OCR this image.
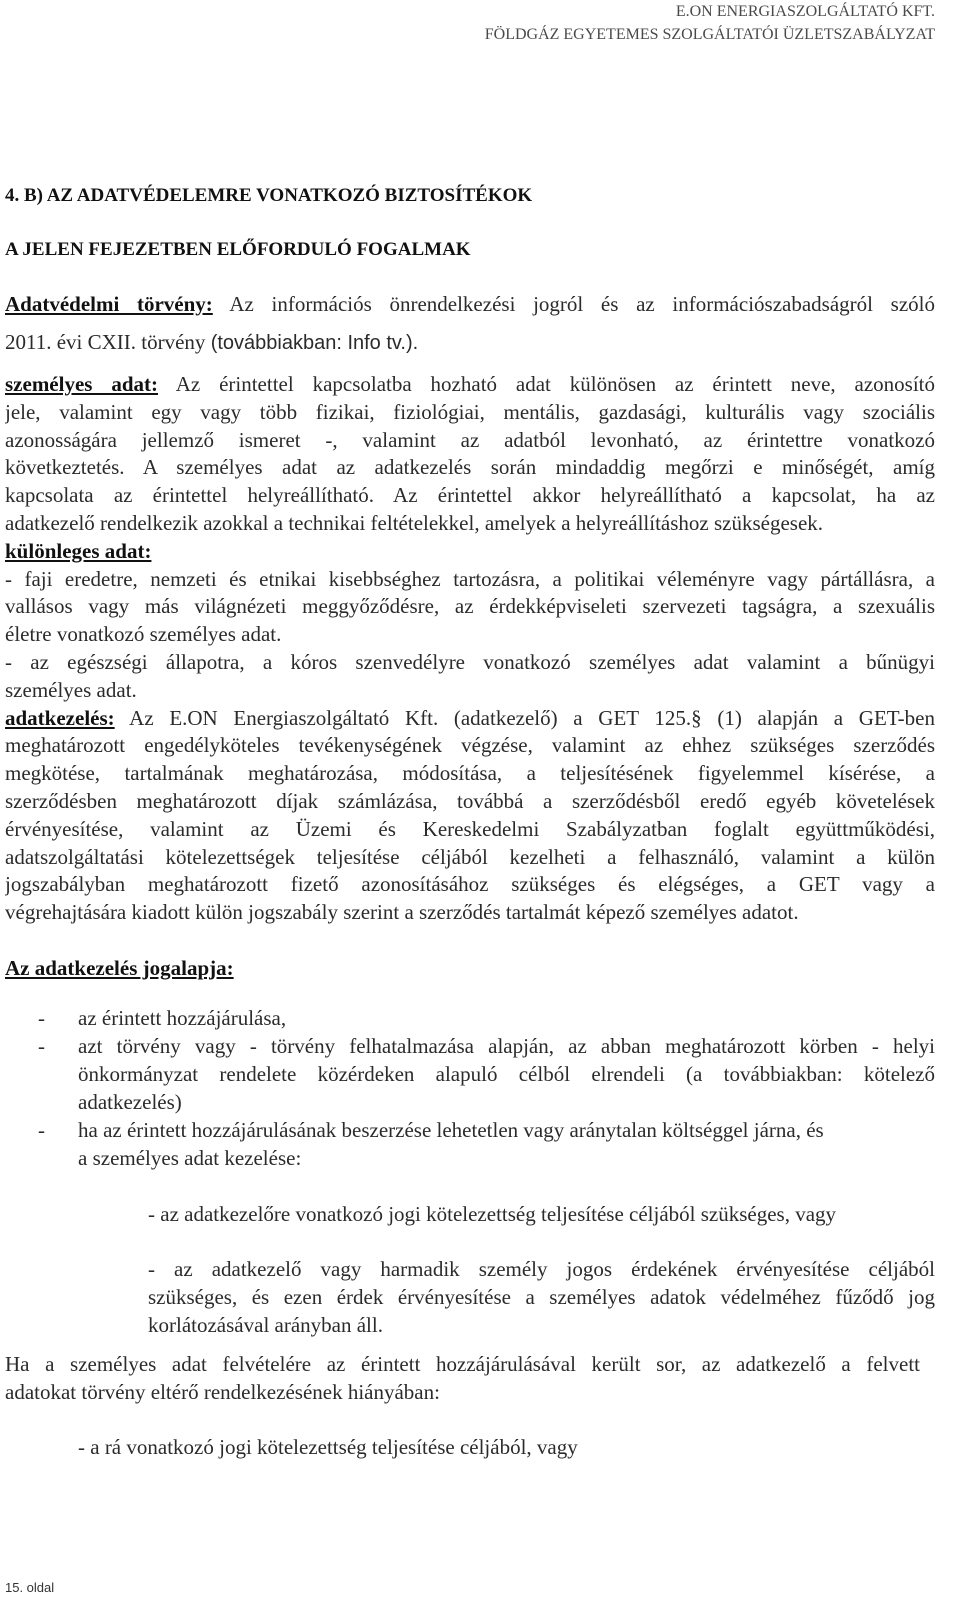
E.ON ENERGIASZOLGÁLTATÓ KFT.
FÖLDGÁZ EGYETEMES SZOLGÁLTATÓI ÜZLETSZABÁLYZAT
4. B) AZ ADATVÉDELEMRE VONATKOZÓ BIZTOSÍTÉKOK
A JELEN FEJEZETBEN ELŐFORDULÓ FOGALMAK
Adatvédelmi törvény: Az információs önrendelkezési jogról és az információszabadságról szóló
2011. évi CXII. törvény (továbbiakban: Info tv.).
személyes adat: Az érintettel kapcsolatba hozható adat különösen az érintett neve, azonosító
jele, valamint egy vagy több fizikai, fiziológiai, mentális, gazdasági, kulturális vagy szociális
azonosságára jellemző ismeret -, valamint az adatból levonható, az érintettre vonatkozó
következtetés. A személyes adat az adatkezelés során mindaddig megőrzi e minőségét, amíg
kapcsolata az érintettel helyreállítható. Az érintettel akkor helyreállítható a kapcsolat, ha az
adatkezelő rendelkezik azokkal a technikai feltételekkel, amelyek a helyreállításhoz szükségesek.
különleges adat:
- faji eredetre, nemzeti és etnikai kisebbséghez tartozásra, a politikai véleményre vagy pártállásra, a
vallásos vagy más világnézeti meggyőződésre, az érdekképviseleti szervezeti tagságra, a szexuális
életre vonatkozó személyes adat.
- az egészségi állapotra, a kóros szenvedélyre vonatkozó személyes adat valamint a bűnügyi
személyes adat.
adatkezelés: Az E.ON Energiaszolgáltató Kft. (adatkezelő) a GET 125.§ (1) alapján a GET-ben
meghatározott engedélyköteles tevékenységének végzése, valamint az ehhez szükséges szerződés
megkötése, tartalmának meghatározása, módosítása, a teljesítésének figyelemmel kísérése, a
szerződésben meghatározott díjak számlázása, továbbá a szerződésből eredő egyéb követelések
érvényesítése, valamint az Üzemi és Kereskedelmi Szabályzatban foglalt együttműködési,
adatszolgáltatási kötelezettségek teljesítése céljából kezelheti a felhasználó, valamint a külön
jogszabályban meghatározott fizető azonosításához szükséges és elégséges, a GET vagy a
végrehajtására kiadott külön jogszabály szerint a szerződés tartalmát képező személyes adatot.
Az adatkezelés jogalapja:
- az érintett hozzájárulása,
- azt törvény vagy - törvény felhatalmazása alapján, az abban meghatározott körben - helyi
önkormányzat rendelete közérdeken alapuló célból elrendeli (a továbbiakban: kötelező
adatkezelés)
- ha az érintett hozzájárulásának beszerzése lehetetlen vagy aránytalan költséggel járna, és
a személyes adat kezelése:
- az adatkezelőre vonatkozó jogi kötelezettség teljesítése céljából szükséges, vagy
- az adatkezelő vagy harmadik személy jogos érdekének érvényesítése céljából
szükséges, és ezen érdek érvényesítése a személyes adatok védelméhez fűződő jog
korlátozásával arányban áll.
Ha a személyes adat felvételére az érintett hozzájárulásával került sor, az adatkezelő a felvett
adatokat törvény eltérő rendelkezésének hiányában:
- a rá vonatkozó jogi kötelezettség teljesítése céljából, vagy
15. oldal
